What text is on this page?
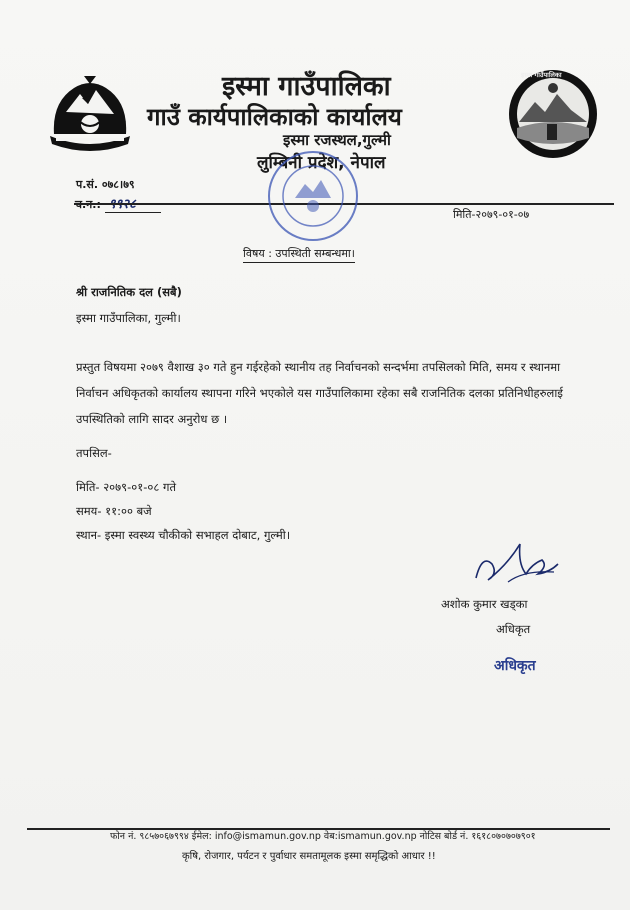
इस्मा गाउँपालिका
गाउँ कार्यपालिकाको कार्यालय
इस्मा रजस्थल,गुल्मी
लुम्बिनी प्रदेश, नेपाल
इस्मा गाउँपालिका
प.सं. ०७८।७९
मिति-२०७९-०१-०७
विषय : उपस्थिती सम्बन्धमा।
श्री राजनितिक दल (सबै)
इस्मा गाउँपालिका, गुल्मी।
प्रस्तुत विषयमा २०७९ वैशाख ३० गते हुन गईरहेको स्थानीय तह निर्वाचनको सन्दर्भमा तपसिलको मिति, समय र स्थानमा निर्वाचन अधिकृतको कार्यालय स्थापना गरिने भएकोले यस गाउँपालिकामा रहेका सबै राजनितिक दलका प्रतिनिधीहरुलाई उपस्थितिको लागि सादर अनुरोध छ ।
तपसिल-
मिति- २०७९-०१-०८ गते
समय- ११:०० बजे
स्थान- इस्मा स्वस्थ्य चौकीको सभाहल दोबाट, गुल्मी।
अशोक कुमार खड्का
अधिकृत
अधिकृत
फोन नं. ९८५७०६७९९४ ईमेल: info@ismamun.gov.np वेब:ismamun.gov.np नोटिस बोर्ड नं. १६१८०७०७०७९०१
कृषि, रोजगार, पर्यटन र पुर्वाधार समतामूलक इस्मा समृद्धिको आधार !!
